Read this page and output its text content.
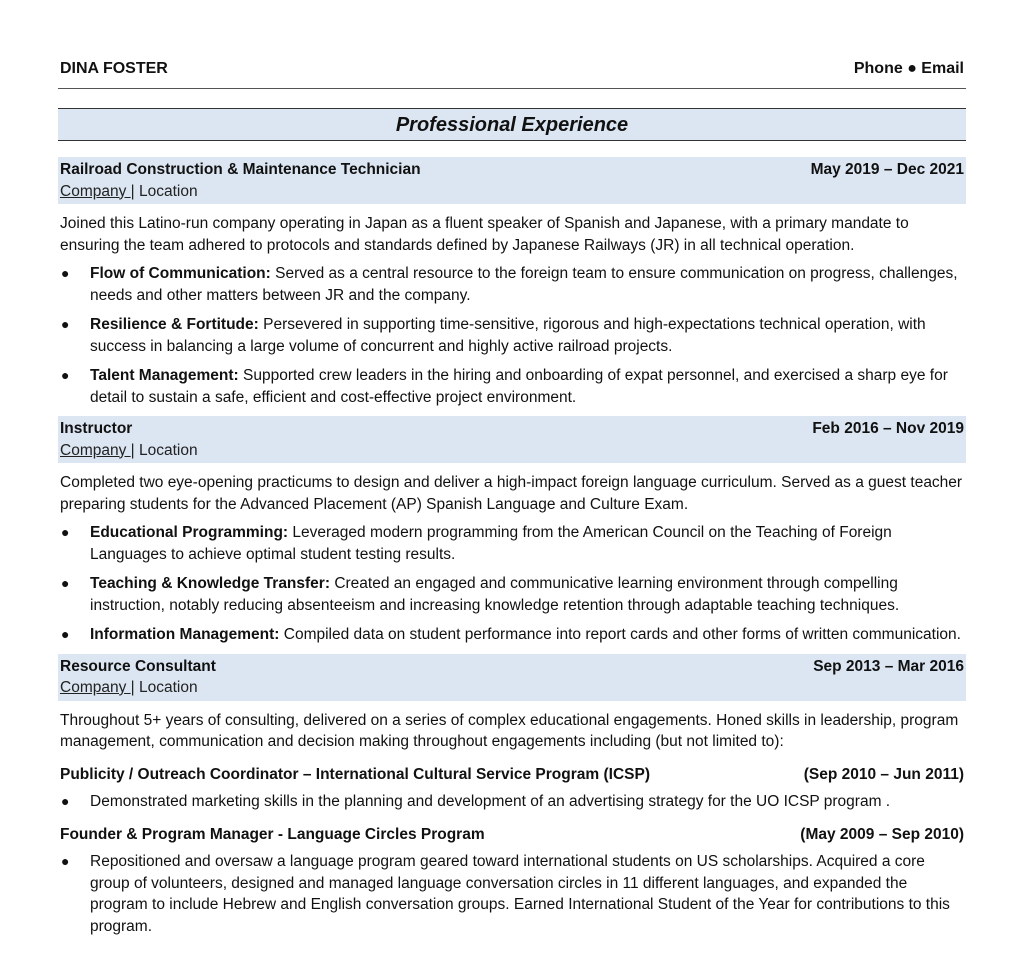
DINA FOSTER	Phone ● Email
Professional Experience
Railroad Construction & Maintenance Technician	May 2019 – Dec 2021
Company | Location
Joined this Latino-run company operating in Japan as a fluent speaker of Spanish and Japanese, with a primary mandate to ensuring the team adhered to protocols and standards defined by Japanese Railways (JR) in all technical operation.
● Flow of Communication: Served as a central resource to the foreign team to ensure communication on progress, challenges, needs and other matters between JR and the company.
● Resilience & Fortitude: Persevered in supporting time-sensitive, rigorous and high-expectations technical operation, with success in balancing a large volume of concurrent and highly active railroad projects.
● Talent Management: Supported crew leaders in the hiring and onboarding of expat personnel, and exercised a sharp eye for detail to sustain a safe, efficient and cost-effective project environment.
Instructor	Feb 2016 – Nov 2019
Company | Location
Completed two eye-opening practicums to design and deliver a high-impact foreign language curriculum. Served as a guest teacher preparing students for the Advanced Placement (AP) Spanish Language and Culture Exam.
● Educational Programming: Leveraged modern programming from the American Council on the Teaching of Foreign Languages to achieve optimal student testing results.
● Teaching & Knowledge Transfer: Created an engaged and communicative learning environment through compelling instruction, notably reducing absenteeism and increasing knowledge retention through adaptable teaching techniques.
● Information Management: Compiled data on student performance into report cards and other forms of written communication.
Resource Consultant	Sep 2013 – Mar 2016
Company | Location
Throughout 5+ years of consulting, delivered on a series of complex educational engagements. Honed skills in leadership, program management, communication and decision making throughout engagements including (but not limited to):
Publicity / Outreach Coordinator – International Cultural Service Program (ICSP)	(Sep 2010 – Jun 2011)
● Demonstrated marketing skills in the planning and development of an advertising strategy for the UO ICSP program .
Founder & Program Manager - Language Circles Program	(May 2009 – Sep 2010)
● Repositioned and oversaw a language program geared toward international students on US scholarships. Acquired a core group of volunteers, designed and managed language conversation circles in 11 different languages, and expanded the program to include Hebrew and English conversation groups. Earned International Student of the Year for contributions to this program.
